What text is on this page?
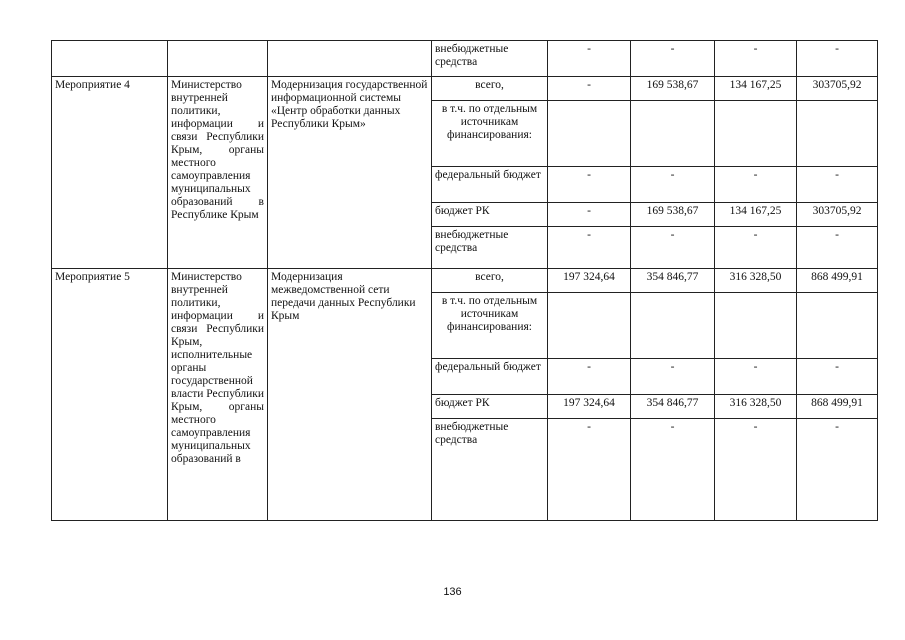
			внебюджетные средства	-	-	-	-
Мероприятие 4	Министерство внутренней политики, информации и связи Республики Крым, органы местного самоуправления муниципальных образований в Республике Крым	Модернизация государственной информационной системы «Центр обработки данных Республики Крым»	всего,	-	169 538,67	134 167,25	303705,92
			в т.ч. по отдельным источникам финансирования:				
			федеральный бюджет	-	-	-	-
			бюджет РК	-	169 538,67	134 167,25	303705,92
			внебюджетные средства	-	-	-	-
Мероприятие 5	Министерство внутренней политики, информации и связи Республики Крым, исполнительные органы государственной власти Республики Крым, органы местного самоуправления муниципальных образований в	Модернизация межведомственной сети передачи данных Республики Крым	всего,	197 324,64	354 846,77	316 328,50	868 499,91
			в т.ч. по отдельным источникам финансирования:				
			федеральный бюджет	-	-	-	-
			бюджет РК	197 324,64	354 846,77	316 328,50	868 499,91
			внебюджетные средства	-	-	-	-
136
